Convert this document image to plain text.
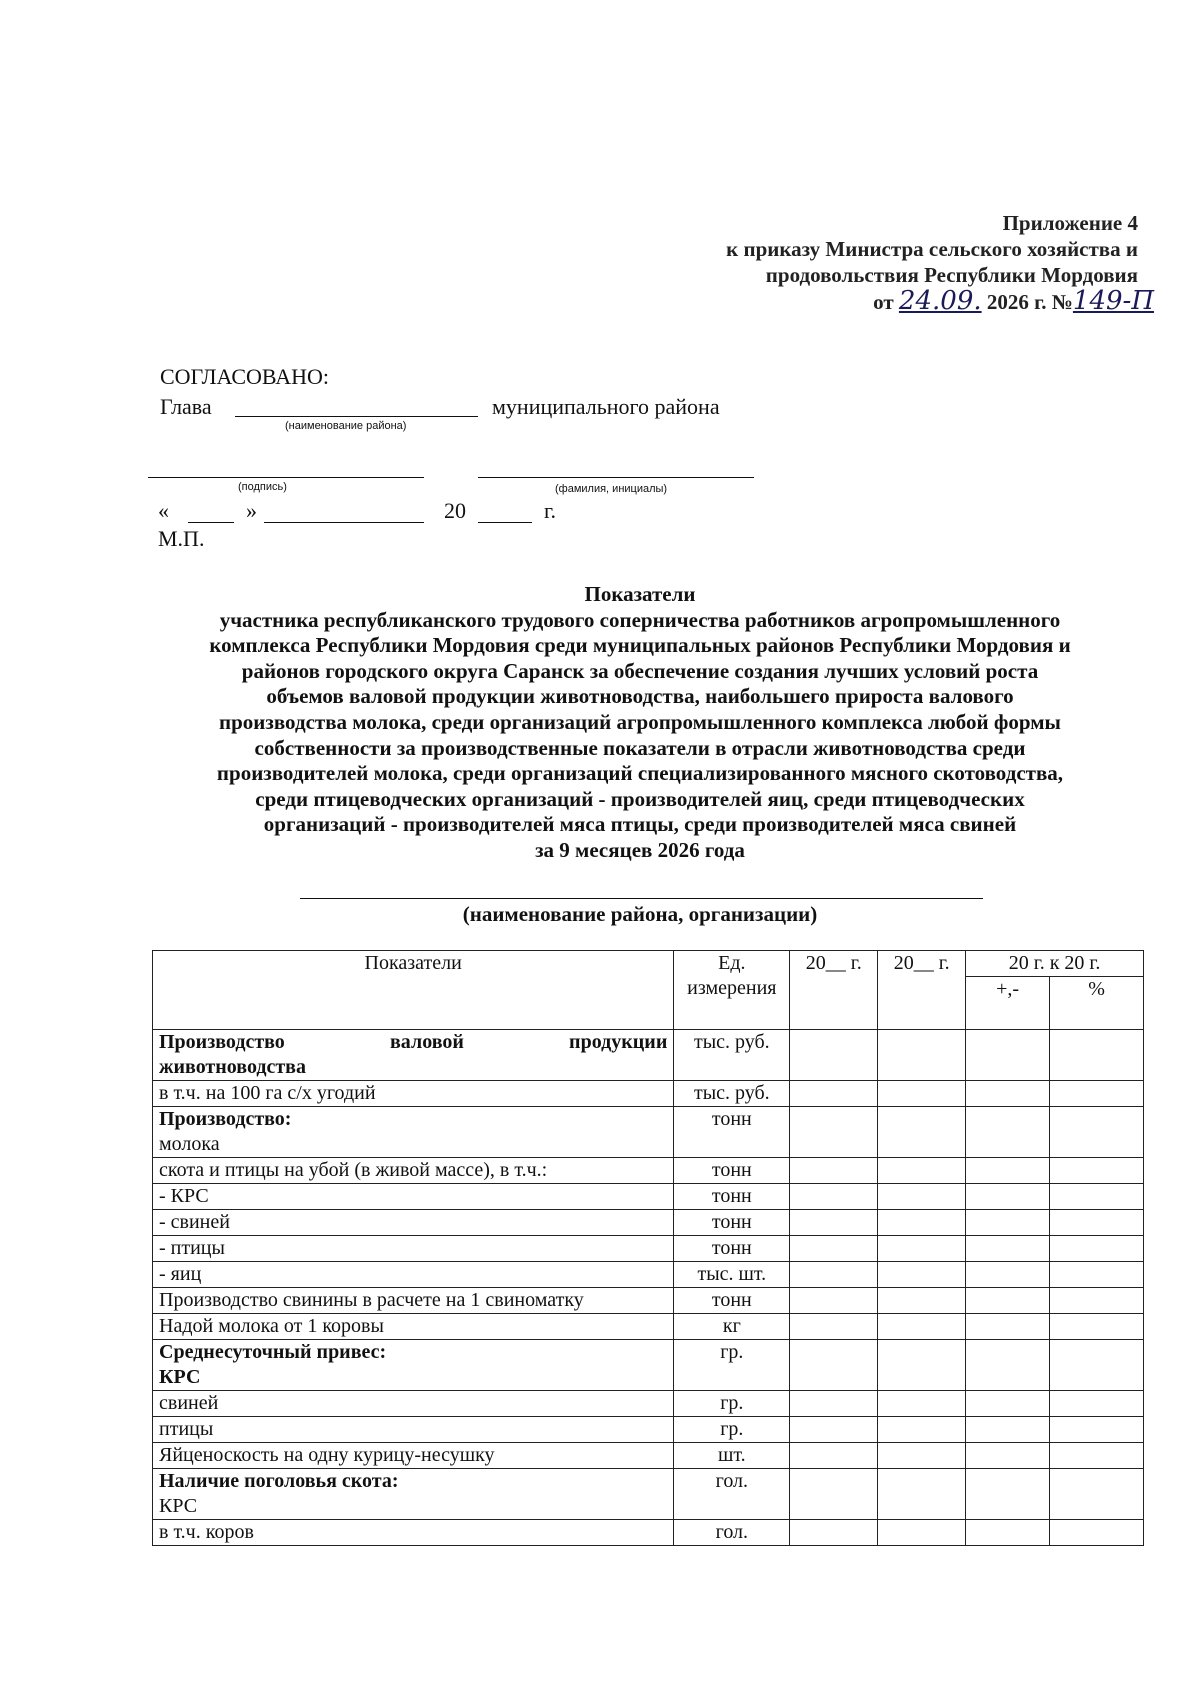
Приложение 4
к приказу Министра сельского хозяйства и
продовольствия Республики Мордовия
от 24.09. 2026 г. №149-П
СОГЛАСОВАНО:
Глава	муниципального района
(наименование района)
(подпись)	(фамилия, инициалы)
«	»	20	г.
М.П.
Показатели
участника республиканского трудового соперничества работников агропромышленного
комплекса Республики Мордовия среди муниципальных районов Республики Мордовия и
районов городского округа Саранск за обеспечение создания лучших условий роста
объемов валовой продукции животноводства, наибольшего прироста валового
производства молока, среди организаций агропромышленного комплекса любой формы
собственности за производственные показатели в отрасли животноводства среди
производителей молока, среди организаций специализированного мясного скотоводства,
среди птицеводческих организаций - производителей яиц, среди птицеводческих
организаций - производителей мяса птицы, среди производителей мяса свиней
за 9 месяцев 2026 года
(наименование района, организации)
Показатели	Ед. измерения	20__ г.	20__ г.	20 г. к 20 г.	
				+,-	%

Производство валовой продукции
животноводства	тыс. руб.				

в т.ч. на 100 га с/х угодий	тыс. руб.				

Производство:
молока	тонн				

скота и птицы на убой (в живой массе), в т.ч.:	тонн				

- КРС	тонн				

- свиней	тонн				

- птицы	тонн				

- яиц	тыс. шт.				

Производство свинины в расчете на 1 свиноматку	тонн				

Надой молока от 1 коровы	кг				

Среднесуточный привес:
КРС	гр.				

свиней	гр.				

птицы	гр.				

Яйценоскость на одну курицу-несушку	шт.				

Наличие поголовья скота:
КРС	гол.				

в т.ч. коров	гол.				
